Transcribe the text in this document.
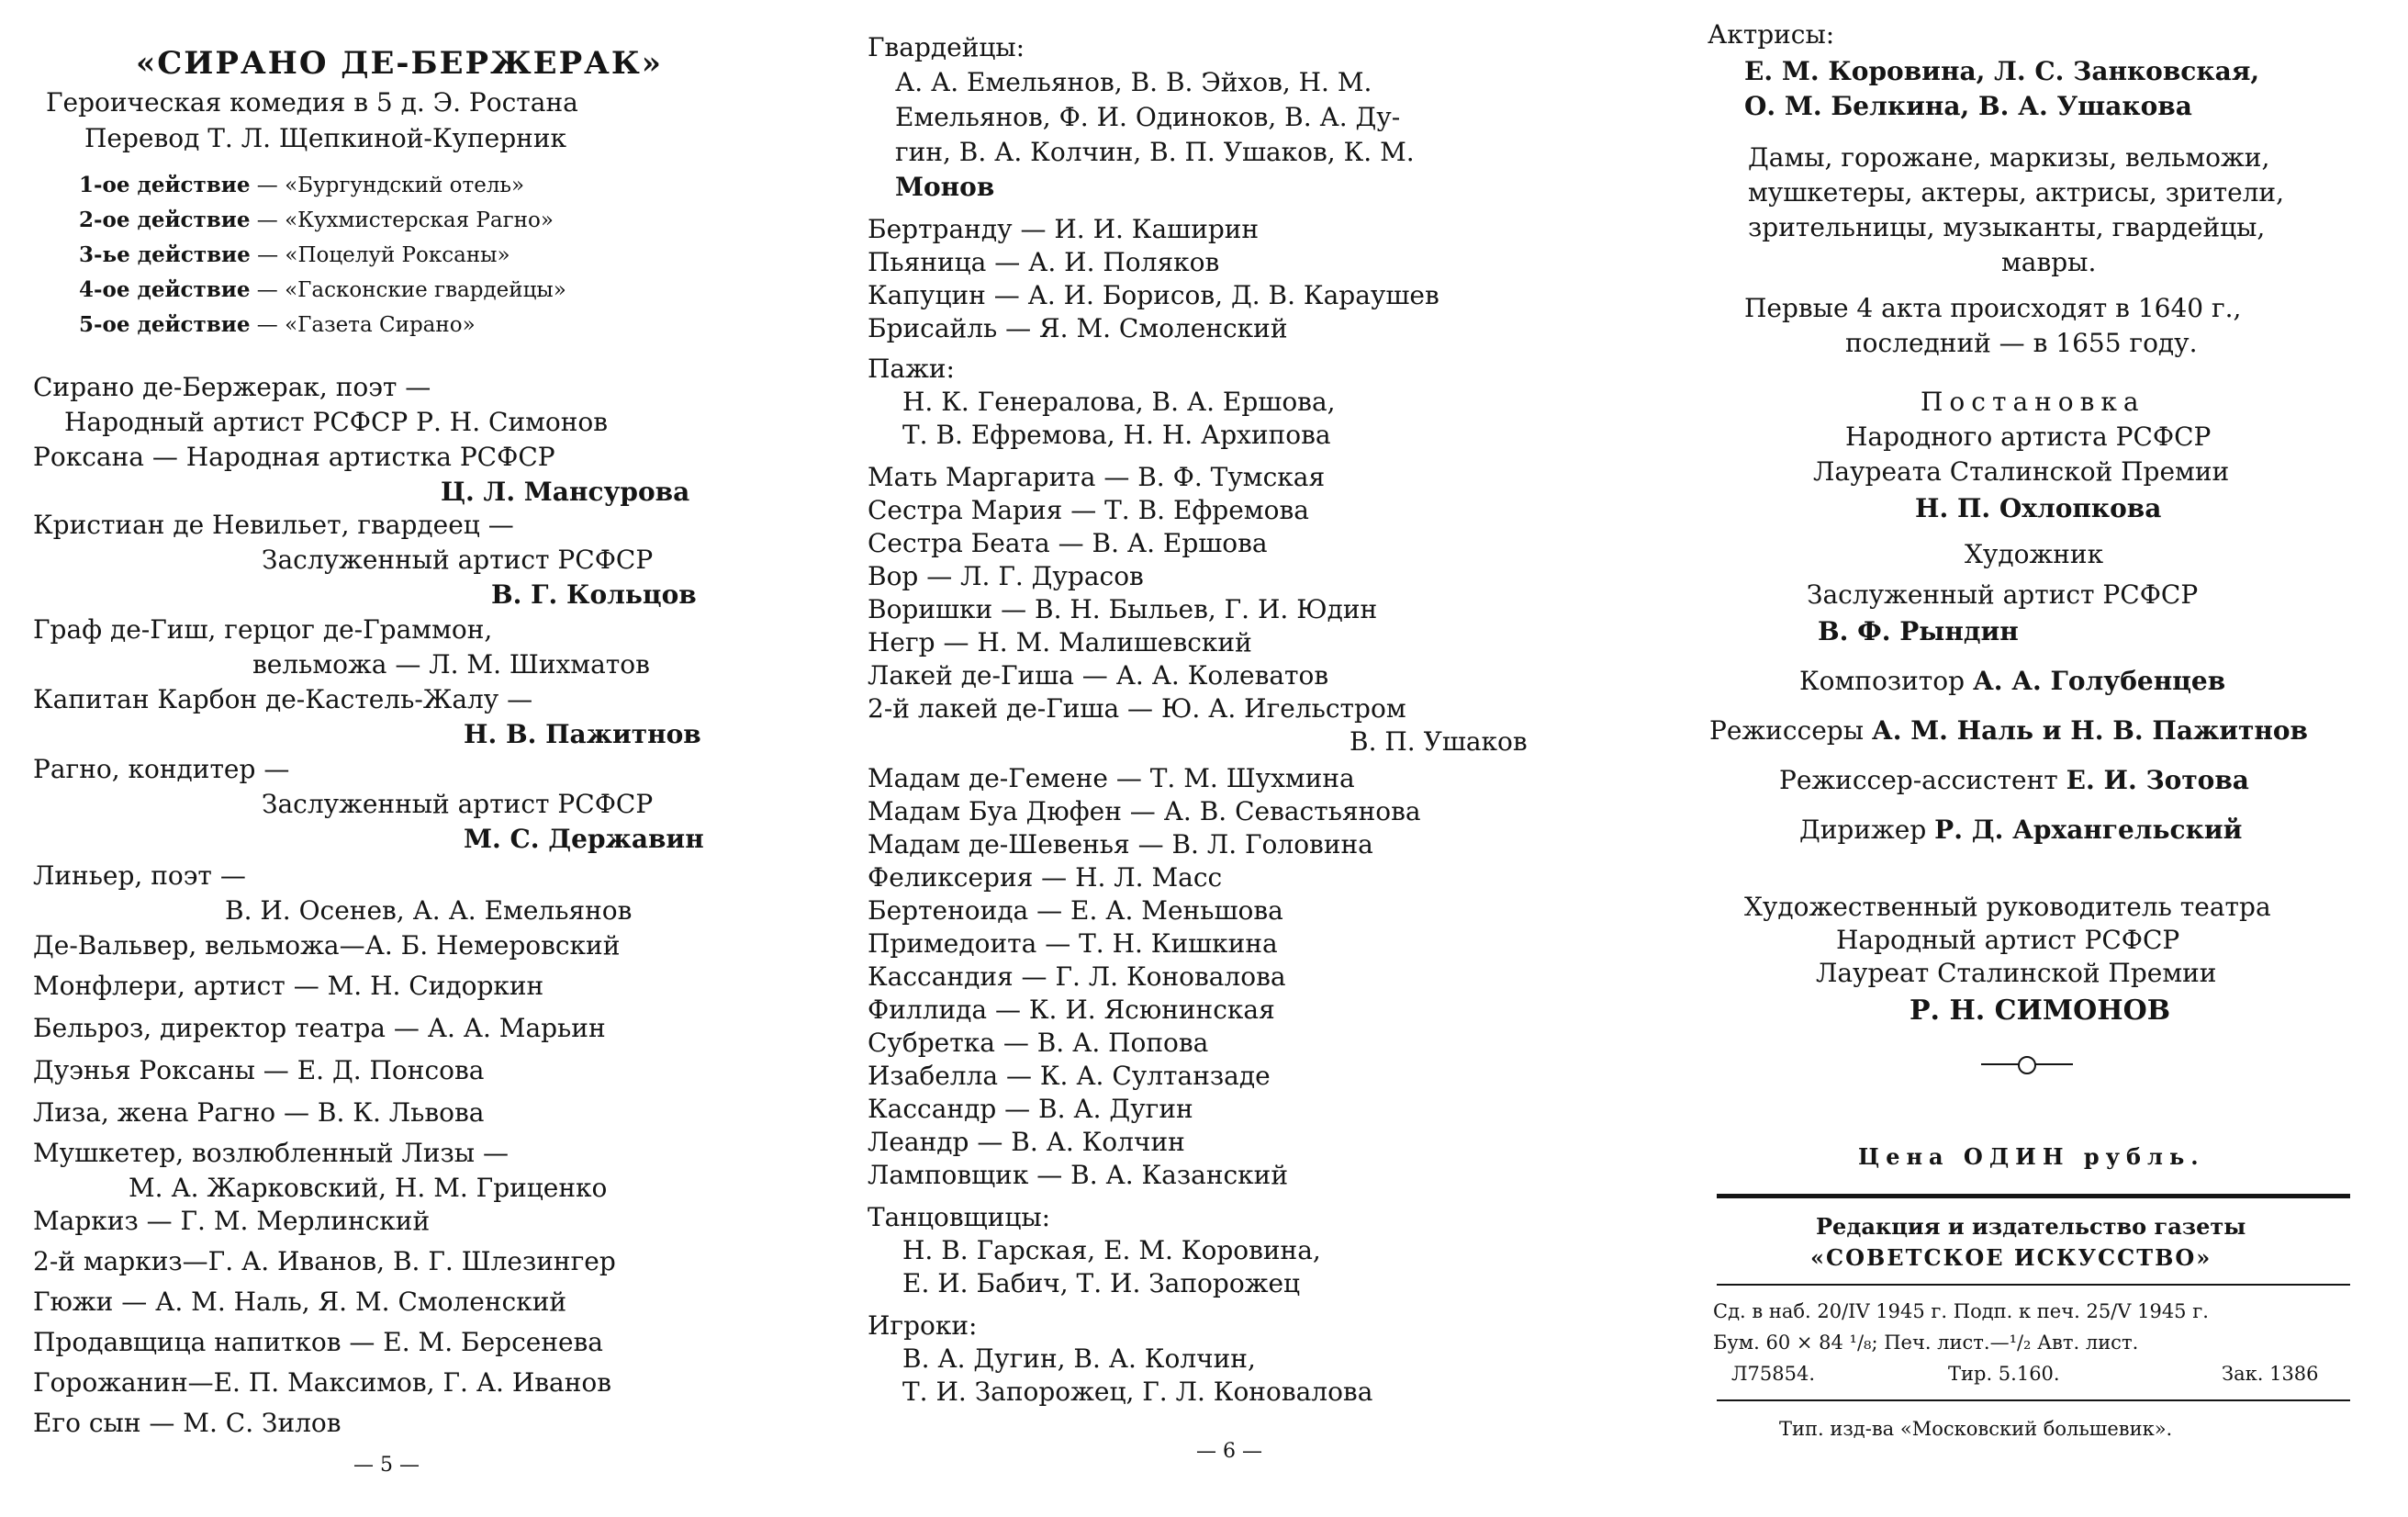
«СИРАНО ДЕ-БЕРЖЕРАК»
Героическая комедия в 5 д. Э. Ростана
Перевод Т. Л. Щепкиной-Куперник
1-ое действие — «Бургундский отель»
2-ое действие — «Кухмистерская Рагно»
3-ье действие — «Поцелуй Роксаны»
4-ое действие — «Гасконские гвардейцы»
5-ое действие — «Газета Сирано»
Сирано де-Бержерак, поэт —
Народный артист РСФСР Р. Н. Симонов
Роксана — Народная артистка РСФСР
Ц. Л. Мансурова
Кристиан де Невильет, гвардеец —
Заслуженный артист РСФСР
В. Г. Кольцов
Граф де-Гиш, герцог де-Граммон,
вельможа — Л. М. Шихматов
Капитан Карбон де-Кастель-Жалу —
Н. В. Пажитнов
Рагно, кондитер —
Заслуженный артист РСФСР
М. С. Державин
Линьер, поэт —
В. И. Осенев, А. А. Емельянов
Де-Вальвер, вельможа—А. Б. Немеровский
Монфлери, артист — М. Н. Сидоркин
Бельроз, директор театра — А. А. Марьин
Дуэнья Роксаны — Е. Д. Понсова
Лиза, жена Рагно — В. К. Львова
Мушкетер, возлюбленный Лизы —
М. А. Жарковский, Н. М. Гриценко
Маркиз — Г. М. Мерлинский
2-й маркиз—Г. А. Иванов, В. Г. Шлезингер
Гюжи — А. М. Наль, Я. М. Смоленский
Продавщица напитков — Е. М. Берсенева
Горожанин—Е. П. Максимов, Г. А. Иванов
Его сын — М. С. Зилов
— 5 —
Гвардейцы:
А. А. Емельянов, В. В. Эйхов, Н. М.
Емельянов, Ф. И. Одиноков, В. А. Ду-
гин, В. А. Колчин, В. П. Ушаков, К. М.
Монов
Бертранду — И. И. Каширин
Пьяница — А. И. Поляков
Капуцин — А. И. Борисов, Д. В. Караушев
Брисайль — Я. М. Смоленский
Пажи:
Н. К. Генералова, В. А. Ершова,
Т. В. Ефремова, Н. Н. Архипова
Мать Маргарита — В. Ф. Тумская
Сестра Мария — Т. В. Ефремова
Сестра Беата — В. А. Ершова
Вор — Л. Г. Дурасов
Воришки — В. Н. Быльев, Г. И. Юдин
Негр — Н. М. Малишевский
Лакей де-Гиша — А. А. Колеватов
2-й лакей де-Гиша — Ю. А. Игельстром
В. П. Ушаков
Мадам де-Гемене — Т. М. Шухмина
Мадам Буа Дюфен — А. В. Севастьянова
Мадам де-Шевенья — В. Л. Головина
Феликсерия — Н. Л. Масс
Бертеноида — Е. А. Меньшова
Примедоита — Т. Н. Кишкина
Кассандия — Г. Л. Коновалова
Филлида — К. И. Ясюнинская
Субретка — В. А. Попова
Изабелла — К. А. Султанзаде
Кассандр — В. А. Дугин
Леандр — В. А. Колчин
Ламповщик — В. А. Казанский
Танцовщицы:
Н. В. Гарская, Е. М. Коровина,
Е. И. Бабич, Т. И. Запорожец
Игроки:
В. А. Дугин, В. А. Колчин,
Т. И. Запорожец, Г. Л. Коновалова
— 6 —
Актрисы:
Е. М. Коровина, Л. С. Занковская,
О. М. Белкина, В. А. Ушакова
Дамы, горожане, маркизы, вельможи,
мушкетеры, актеры, актрисы, зрители,
зрительницы, музыканты, гвардейцы,
мавры.
Первые 4 акта происходят в 1640 г.,
последний — в 1655 году.
Постановка
Народного артиста РСФСР
Лауреата Сталинской Премии
Н. П. Охлопкова
Художник
Заслуженный артист РСФСР
В. Ф. Рындин
Композитор А. А. Голубенцев
Режиссеры А. М. Наль и Н. В. Пажитнов
Режиссер-ассистент Е. И. Зотова
Дирижер Р. Д. Архангельский
Художественный руководитель театра
Народный артист РСФСР
Лауреат Сталинской Премии
Р. Н. СИМОНОВ
Цена ОДИН рубль.
Редакция и издательство газеты
«СОВЕТСКОЕ ИСКУССТВО»
Сд. в наб. 20/IV 1945 г. Подп. к печ. 25/V 1945 г.
Бум. 60 × 84 ¹/₈; Печ. лист.—¹/₂ Авт. лист.
Л75854.	Тир. 5.160.	Зак. 1386
Тип. изд-ва «Московский большевик».
